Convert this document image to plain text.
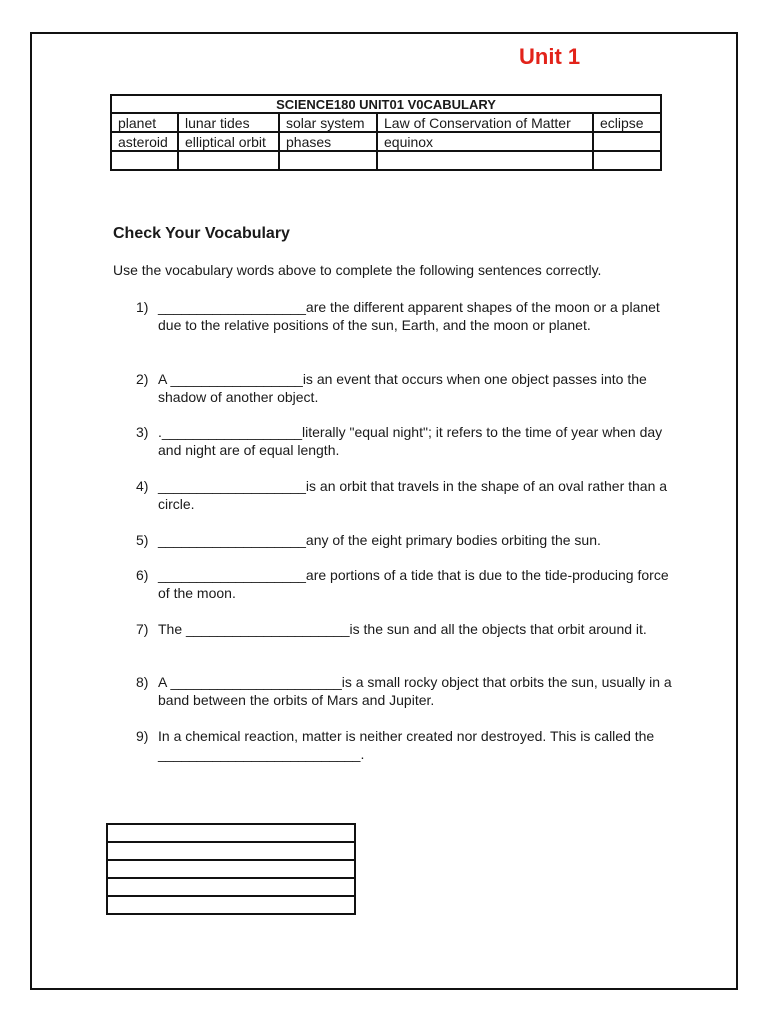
Unit 1
SCIENCE180 UNIT01 V0CABULARY				
planet	lunar tides	solar system	Law of Conservation of Matter	eclipse
asteroid	elliptical orbit	phases	equinox	

Check Your Vocabulary
Use the vocabulary words above to complete the following sentences correctly.
1) ___________________are the different apparent shapes of the moon or a planet due to the relative positions of the sun, Earth, and the moon or planet.
2) A _________________is an event that occurs when one object passes into the shadow of another object.
3) .__________________literally "equal night"; it refers to the time of year when day and night are of equal length.
4) ___________________is an orbit that travels in the shape of an oval rather than a circle.
5) ___________________any of the eight primary bodies orbiting the sun.
6) ___________________are portions of a tide that is due to the tide-producing force of the moon.
7) The _____________________is the sun and all the objects that orbit around it.
8) A ______________________is a small rocky object that orbits the sun, usually in a band between the orbits of Mars and Jupiter.
9) In a chemical reaction, matter is neither created nor destroyed. This is called the __________________________.
